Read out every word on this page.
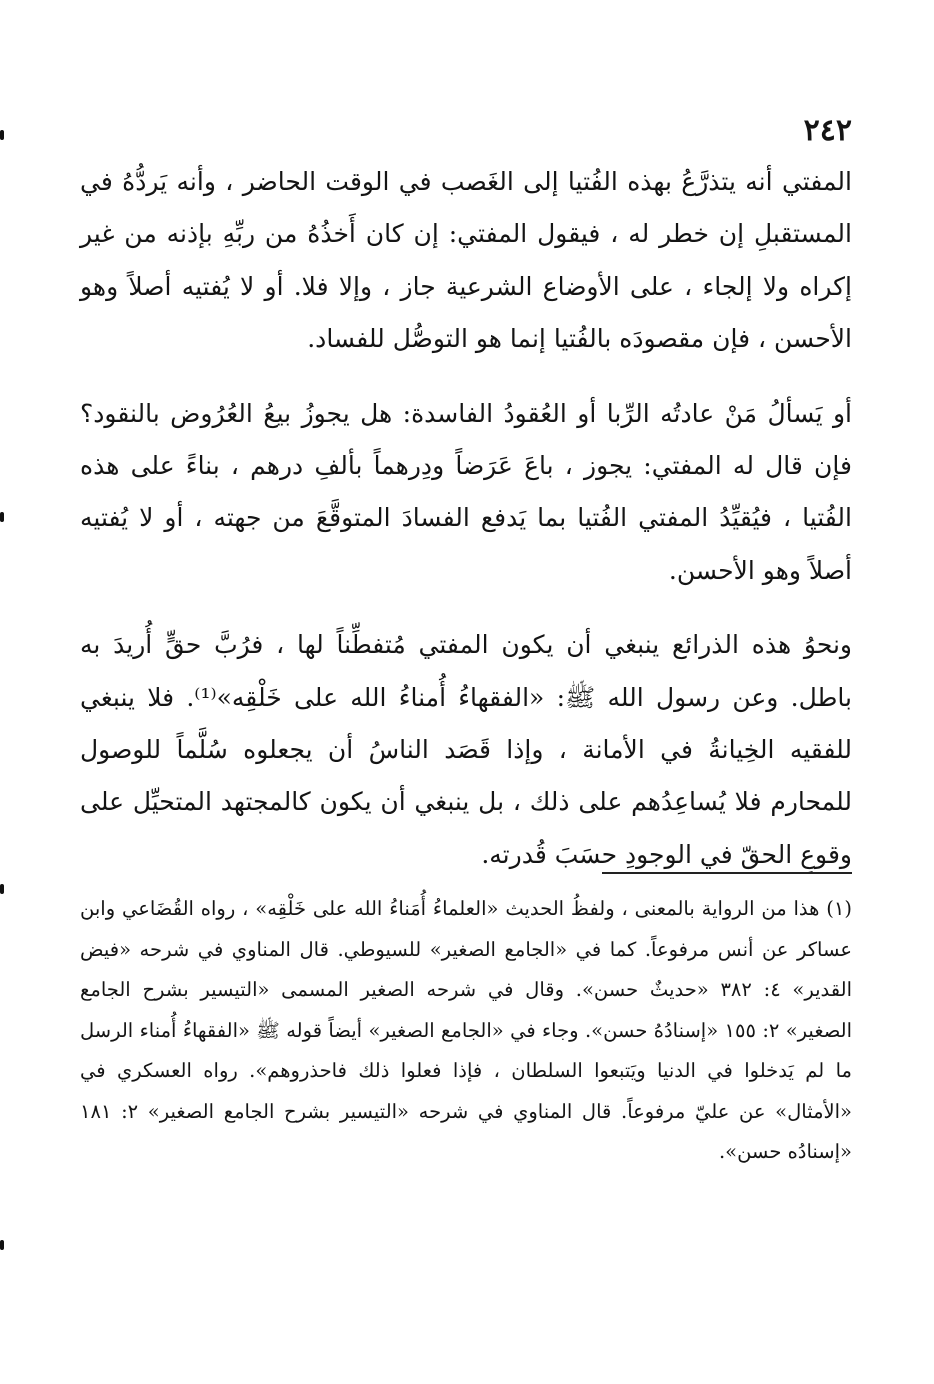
٢٤٢

المفتي أنه يتذرَّعُ بهذه الفُتيا إلى الغَصب في الوقت الحاضر ، وأنه يَردُّهُ في المستقبلِ إن خطر له ، فيقول المفتي: إن كان أَخذُهُ من ربِّهِ بإذنه من غير إكراه ولا إلجاء ، على الأوضاع الشرعية جاز ، وإلا فلا. أو لا يُفتيه أصلاً وهو الأحسن ، فإن مقصودَه بالفُتيا إنما هو التوصُّل للفساد.

أو يَسألُ مَنْ عادتُه الرِّبا أو العُقودُ الفاسدة: هل يجوزُ بيعُ العُرُوض بالنقود؟ فإن قال له المفتي: يجوز ، باعَ عَرَضاً ودِرهماً بألفِ درهم ، بناءً على هذه الفُتيا ، فيُقيِّدُ المفتي الفُتيا بما يَدفع الفسادَ المتوقَّعَ من جهته ، أو لا يُفتيه أصلاً وهو الأحسن.

ونحوُ هذه الذرائع ينبغي أن يكون المفتي مُتفطِّناً لها ، فرُبَّ حقٍّ أُريدَ به باطل. وعن رسول الله ﷺ: «الفقهاءُ أُمناءُ الله على خَلْقِه»⁽¹⁾. فلا ينبغي للفقيه الخِيانةُ في الأمانة ، وإذا قَصَد الناسُ أن يجعلوه سُلَّماً للوصول للمحارم فلا يُساعِدُهم على ذلك ، بل ينبغي أن يكون كالمجتهد المتحيِّل على وقوعِ الحقّ في الوجودِ حسَبَ قُدرته.

(١) هذا من الرواية بالمعنى ، ولفظُ الحديث «العلماءُ أُمَناءُ الله على خَلْقِه» ، رواه القُضَاعي وابن عساكر عن أنس مرفوعاً. كما في «الجامع الصغير» للسيوطي. قال المناوي في شرحه «فيض القدير» ٤: ٣٨٢ «حديثٌ حسن». وقال في شرحه الصغير المسمى «التيسير بشرح الجامع الصغير» ٢: ١٥٥ «إسنادُهُ حسن». وجاء في «الجامع الصغير» أيضاً قوله ﷺ «الفقهاءُ أُمناء الرسل ما لم يَدخلوا في الدنيا ويَتبعوا السلطان ، فإذا فعلوا ذلك فاحذروهم». رواه العسكري في «الأمثال» عن عليّ مرفوعاً. قال المناوي في شرحه «التيسير بشرح الجامع الصغير» ٢: ١٨١ «إسنادُه حسن».
